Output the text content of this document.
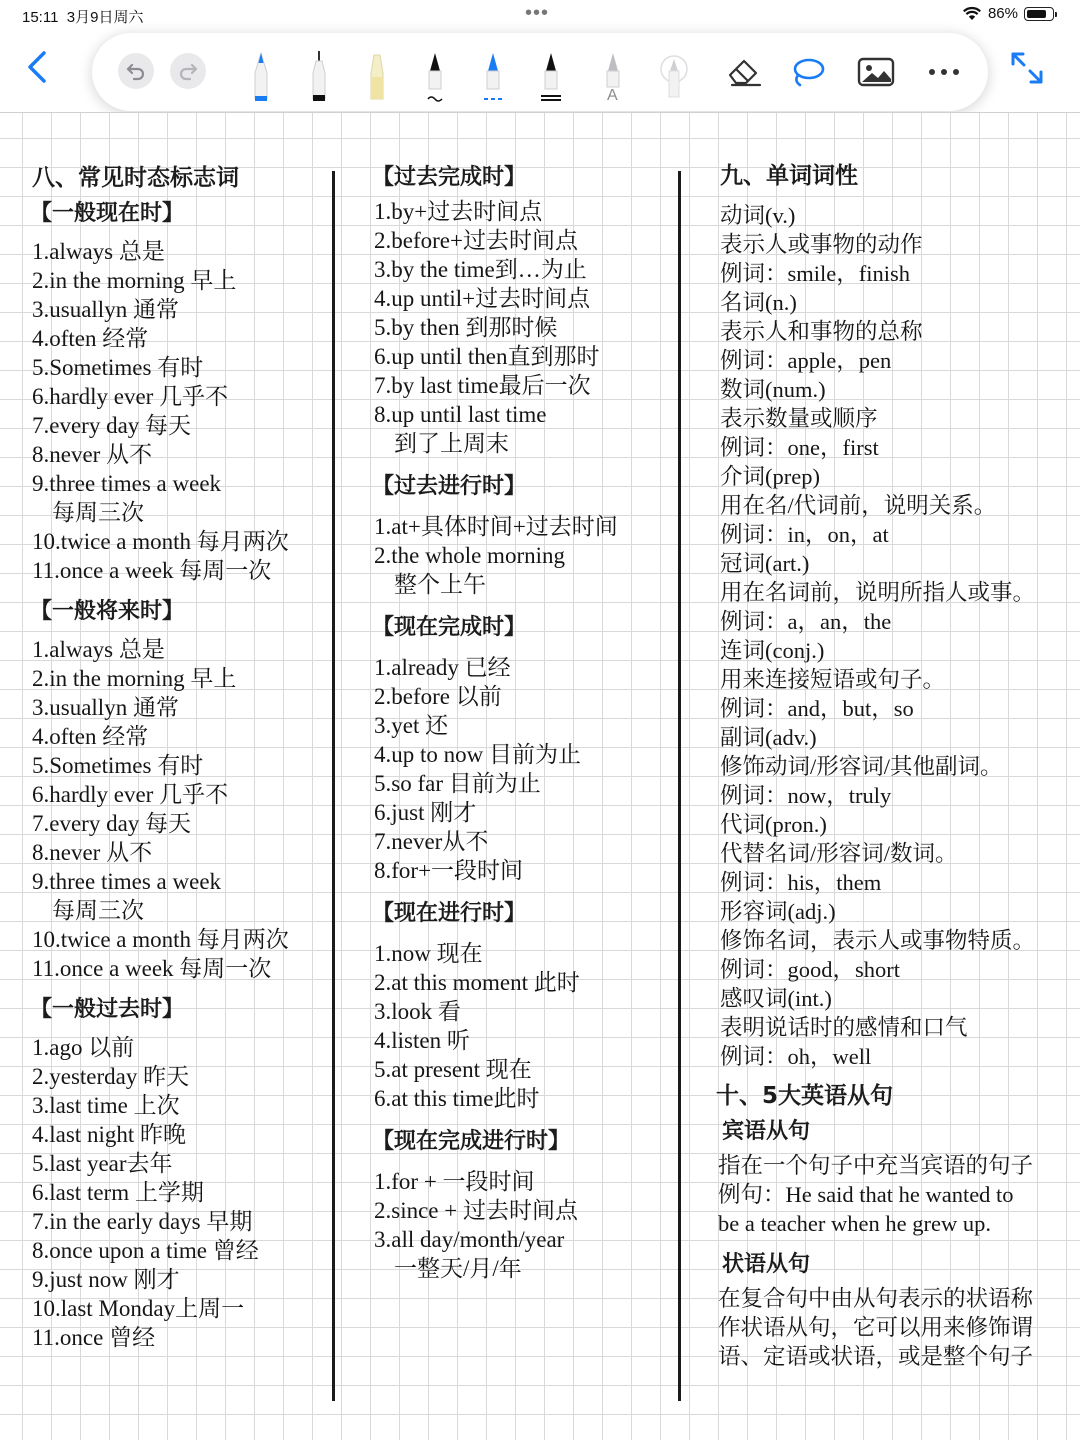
15:11 3月9日周六	•••	86%
A
八、常见时态标志词
【一般现在时】
1.always 总是
2.in the morning 早上
3.usuallyn 通常
4.often 经常
5.Sometimes 有时
6.hardly ever 几乎不
7.every day 每天
8.never 从不
9.three times a week
每周三次
10.twice a month 每月两次
11.once a week 每周一次
【一般将来时】
1.always 总是
2.in the morning 早上
3.usuallyn 通常
4.often 经常
5.Sometimes 有时
6.hardly ever 几乎不
7.every day 每天
8.never 从不
9.three times a week
每周三次
10.twice a month 每月两次
11.once a week 每周一次
【一般过去时】
1.ago 以前
2.yesterday 昨天
3.last time 上次
4.last night 昨晚
5.last year去年
6.last term 上学期
7.in the early days 早期
8.once upon a time 曾经
9.just now 刚才
10.last Monday上周一
11.once 曾经
【过去完成时】
1.by+过去时间点
2.before+过去时间点
3.by the time到…为止
4.up until+过去时间点
5.by then 到那时候
6.up until then直到那时
7.by last time最后一次
8.up until last time
到了上周末
【过去进行时】
1.at+具体时间+过去时间
2.the whole morning
整个上午
【现在完成时】
1.already 已经
2.before 以前
3.yet 还
4.up to now 目前为止
5.so far 目前为止
6.just 刚才
7.never从不
8.for+一段时间
【现在进行时】
1.now 现在
2.at this moment 此时
3.look 看
4.listen 听
5.at present 现在
6.at this time此时
【现在完成进行时】
1.for + 一段时间
2.since + 过去时间点
3.all day/month/year
一整天/月/年
九、单词词性
动词(v.)
表示人或事物的动作
例词：smile，finish
名词(n.)
表示人和事物的总称
例词：apple，pen
数词(num.)
表示数量或顺序
例词：one，first
介词(prep)
用在名/代词前，说明关系。
例词：in，on，at
冠词(art.)
用在名词前，说明所指人或事。
例词：a，an，the
连词(conj.)
用来连接短语或句子。
例词：and，but，so
副词(adv.)
修饰动词/形容词/其他副词。
例词：now，truly
代词(pron.)
代替名词/形容词/数词。
例词：his，them
形容词(adj.)
修饰名词，表示人或事物特质。
例词：good，short
感叹词(int.)
表明说话时的感情和口气
例词：oh，well
十、5大英语从句
宾语从句
指在一个句子中充当宾语的句子
例句：He said that he wanted to
be a teacher when he grew up.
状语从句
在复合句中由从句表示的状语称
作状语从句，它可以用来修饰谓
语、定语或状语，或是整个句子
